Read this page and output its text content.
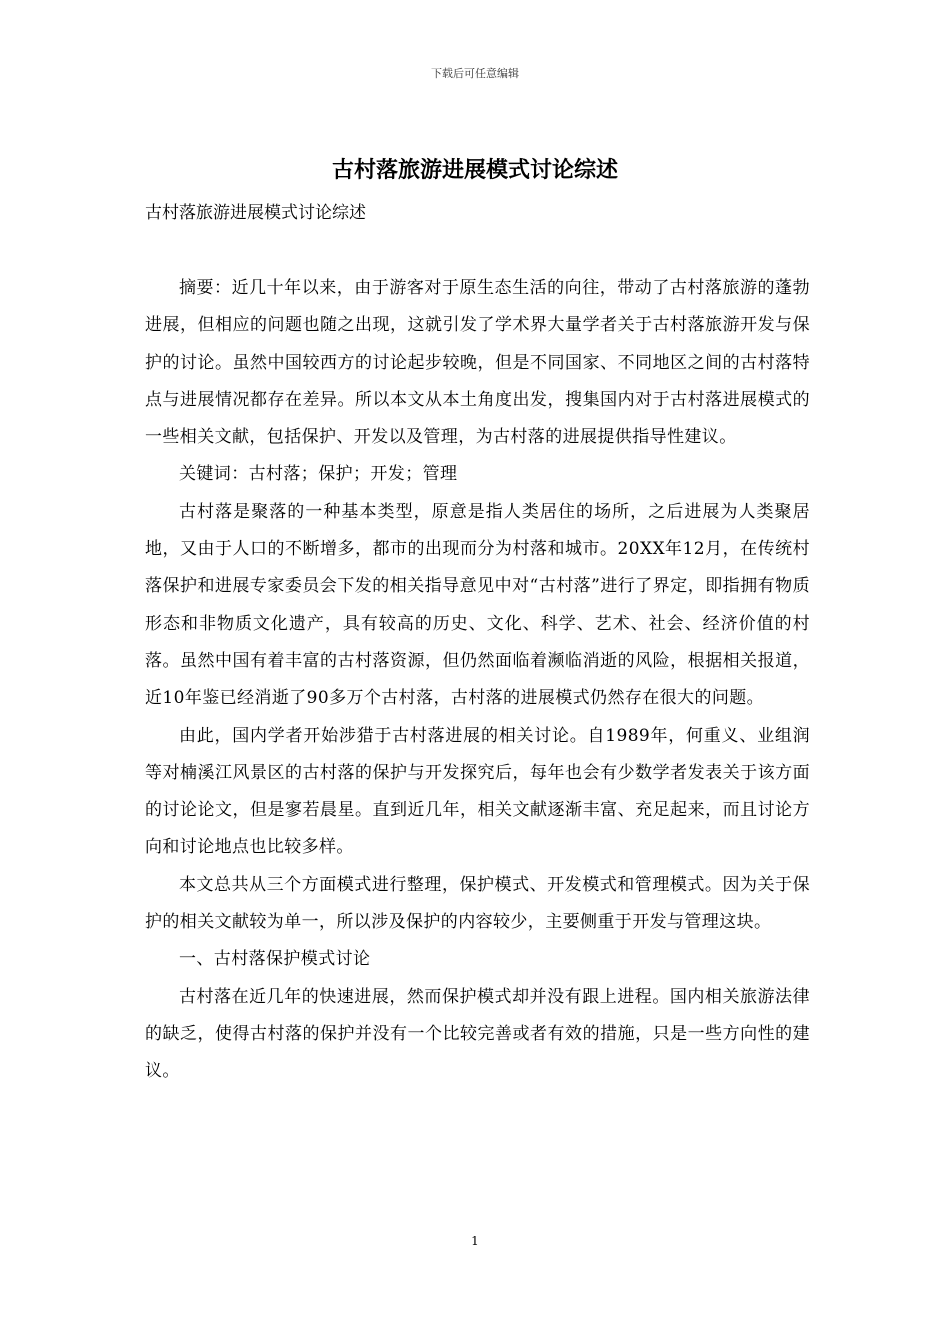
下载后可任意编辑
古村落旅游进展模式讨论综述

古村落旅游进展模式讨论综述

摘要：近几十年以来，由于游客对于原生态生活的向往，带动了古村落旅游的蓬勃进展，但相应的问题也随之出现，这就引发了学术界大量学者关于古村落旅游开发与保护的讨论。虽然中国较西方的讨论起步较晚，但是不同国家、不同地区之间的古村落特点与进展情况都存在差异。所以本文从本土角度出发，搜集国内对于古村落进展模式的一些相关文献，包括保护、开发以及管理，为古村落的进展提供指导性建议。

关键词：古村落；保护；开发；管理

古村落是聚落的一种基本类型，原意是指人类居住的场所，之后进展为人类聚居地，又由于人口的不断增多，都市的出现而分为村落和城市。20XX年12月，在传统村落保护和进展专家委员会下发的相关指导意见中对“古村落”进行了界定，即指拥有物质形态和非物质文化遗产，具有较高的历史、文化、科学、艺术、社会、经济价值的村落。虽然中国有着丰富的古村落资源，但仍然面临着濒临消逝的风险，根据相关报道，近10年鉴已经消逝了90多万个古村落，古村落的进展模式仍然存在很大的问题。

由此，国内学者开始涉猎于古村落进展的相关讨论。自1989年，何重义、业组润等对楠溪江风景区的古村落的保护与开发探究后，每年也会有少数学者发表关于该方面的讨论论文，但是寥若晨星。直到近几年，相关文献逐渐丰富、充足起来，而且讨论方向和讨论地点也比较多样。

本文总共从三个方面模式进行整理，保护模式、开发模式和管理模式。因为关于保护的相关文献较为单一，所以涉及保护的内容较少，主要侧重于开发与管理这块。

一、古村落保护模式讨论

古村落在近几年的快速进展，然而保护模式却并没有跟上进程。国内相关旅游法律的缺乏，使得古村落的保护并没有一个比较完善或者有效的措施，只是一些方向性的建议。

1
